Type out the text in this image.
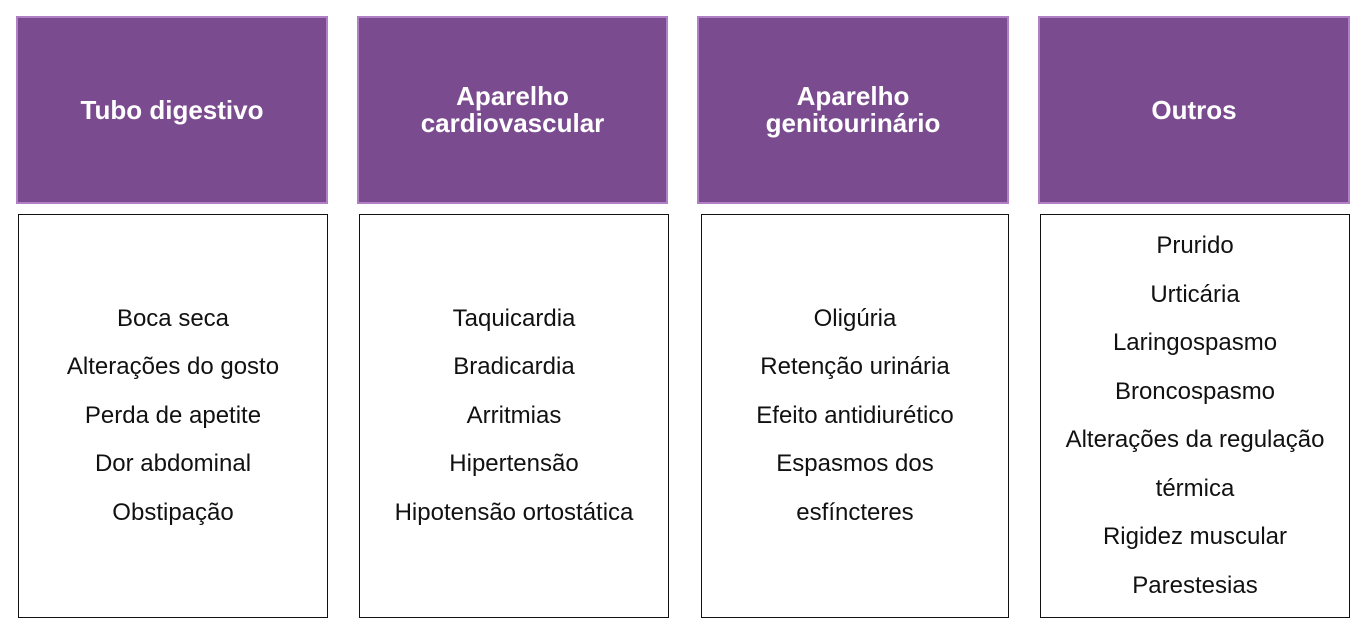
Tubo digestivo
Boca seca
Alterações do gosto
Perda de apetite
Dor abdominal
Obstipação
Aparelho
cardiovascular
Taquicardia
Bradicardia
Arritmias
Hipertensão
Hipotensão ortostática
Aparelho
genitourinário
Oligúria
Retenção urinária
Efeito antidiurético
Espasmos dos
esfíncteres
Outros
Prurido
Urticária
Laringospasmo
Broncospasmo
Alterações da regulação
térmica
Rigidez muscular
Parestesias
